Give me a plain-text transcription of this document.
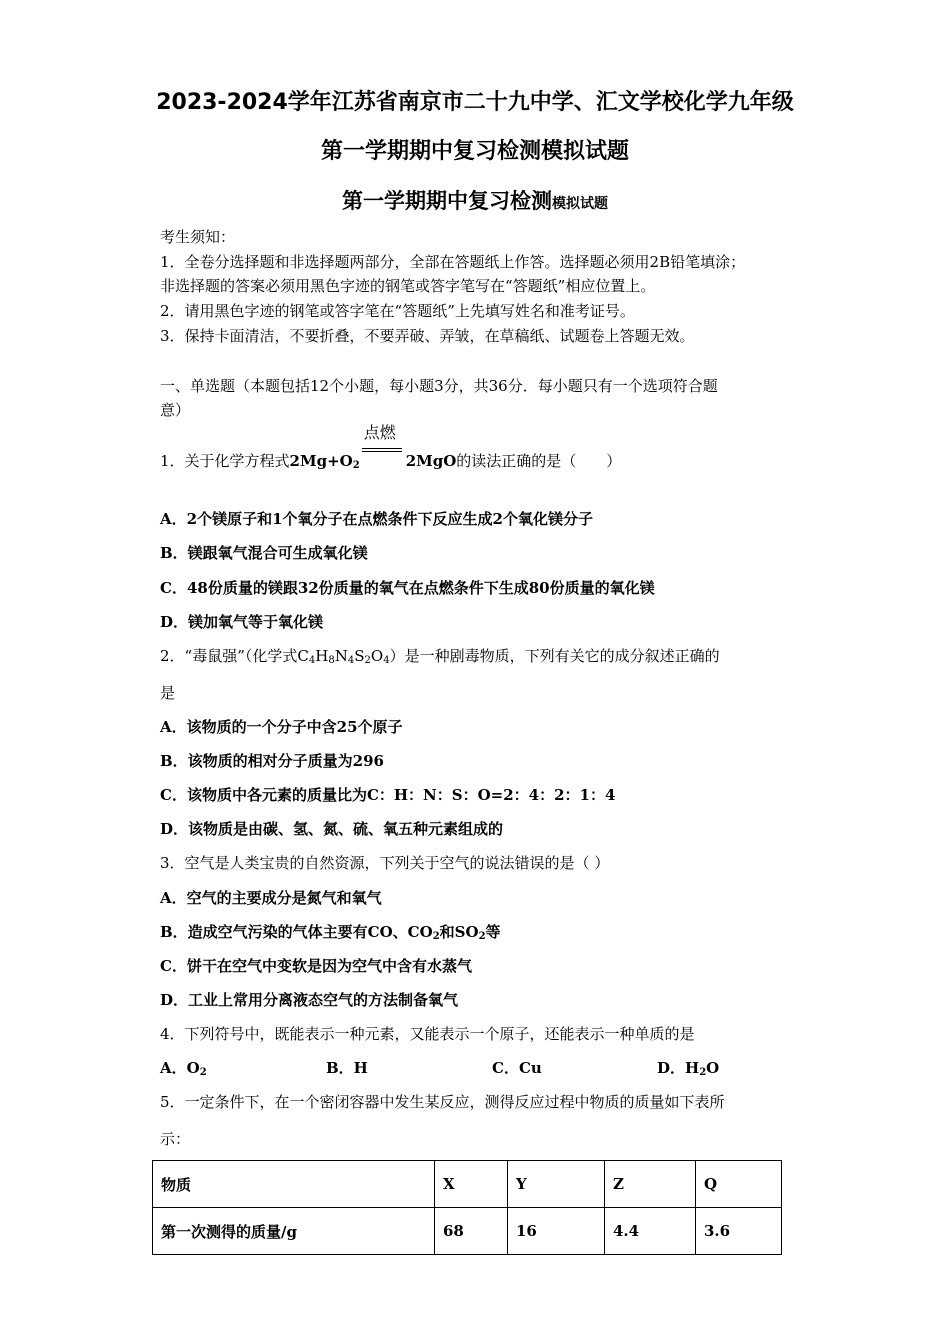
2023-2024学年江苏省南京市二十九中学、汇文学校化学九年级
第一学期期中复习检测模拟试题
第一学期期中复习检测模拟试题
考生须知：
1．全卷分选择题和非选择题两部分，全部在答题纸上作答。选择题必须用2B铅笔填涂；
非选择题的答案必须用黑色字迹的钢笔或答字笔写在“答题纸”相应位置上。
2．请用黑色字迹的钢笔或答字笔在“答题纸”上先填写姓名和准考证号。
3．保持卡面清洁，不要折叠，不要弄破、弄皱，在草稿纸、试题卷上答题无效。
一、单选题（本题包括12个小题，每小题3分，共36分．每小题只有一个选项符合题
意）
1．关于化学方程式$2Mg+O_2$
点燃
2MgO的读法正确的是（　　）
A．2个镁原子和1个氧分子在点燃条件下反应生成2个氧化镁分子
B．镁跟氧气混合可生成氧化镁
C．48份质量的镁跟32份质量的氧气在点燃条件下生成80份质量的氧化镁
D．镁加氧气等于氧化镁
2．“毒鼠强”（化学式$C_4H_8N_4S_2O_4$）是一种剧毒物质，下列有关它的成分叙述正确的
是
A．该物质的一个分子中含25个原子
B．该物质的相对分子质量为296
C．该物质中各元素的质量比为C：H：N：S：O=2：4：2：1：4
D．该物质是由碳、氢、氮、硫、氧五种元素组成的
3．空气是人类宝贵的自然资源，下列关于空气的说法错误的是（ ）
A．空气的主要成分是氮气和氧气
B．造成空气污染的气体主要有CO、$CO_2$和$SO_2$等
C．饼干在空气中变软是因为空气中含有水蒸气
D．工业上常用分离液态空气的方法制备氧气
4．下列符号中，既能表示一种元素，又能表示一个原子，还能表示一种单质的是
A．$O_2$	B．H	C．Cu	D．$H_2O$
5．一定条件下，在一个密闭容器中发生某反应，测得反应过程中物质的质量如下表所
示：
物质	X	Y	Z	Q
第一次测得的质量/g	68	16	4.4	3.6
